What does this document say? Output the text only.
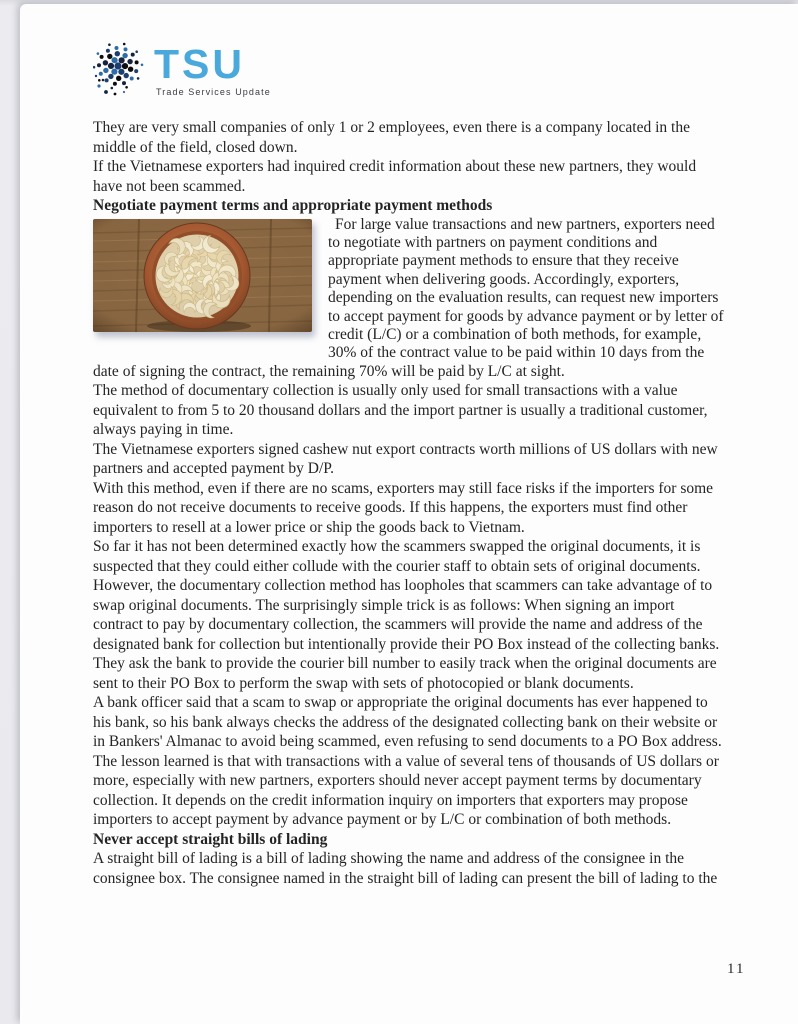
TSU
Trade Services Update

They are very small companies of only 1 or 2 employees, even there is a company located in the middle of the field, closed down.

If the Vietnamese exporters had inquired credit information about these new partners, they would have not been scammed.

Negotiate payment terms and appropriate payment methods

For large value transactions and new partners, exporters need to negotiate with partners on payment conditions and appropriate payment methods to ensure that they receive payment when delivering goods. Accordingly, exporters, depending on the evaluation results, can request new importers to accept payment for goods by advance payment or by letter of credit (L/C) or a combination of both methods, for example, 30% of the contract value to be paid within 10 days from the date of signing the contract, the remaining 70% will be paid by L/C at sight.

The method of documentary collection is usually only used for small transactions with a value equivalent to from 5 to 20 thousand dollars and the import partner is usually a traditional customer, always paying in time.

The Vietnamese exporters signed cashew nut export contracts worth millions of US dollars with new partners and accepted payment by D/P.

With this method, even if there are no scams, exporters may still face risks if the importers for some reason do not receive documents to receive goods. If this happens, the exporters must find other importers to resell at a lower price or ship the goods back to Vietnam.

So far it has not been determined exactly how the scammers swapped the original documents, it is suspected that they could either collude with the courier staff to obtain sets of original documents.

However, the documentary collection method has loopholes that scammers can take advantage of to swap original documents. The surprisingly simple trick is as follows: When signing an import contract to pay by documentary collection, the scammers will provide the name and address of the designated bank for collection but intentionally provide their PO Box instead of the collecting banks. They ask the bank to provide the courier bill number to easily track when the original documents are sent to their PO Box to perform the swap with sets of photocopied or blank documents.

A bank officer said that a scam to swap or appropriate the original documents has ever happened to his bank, so his bank always checks the address of the designated collecting bank on their website or in Bankers' Almanac to avoid being scammed, even refusing to send documents to a PO Box address.

The lesson learned is that with transactions with a value of several tens of thousands of US dollars or more, especially with new partners, exporters should never accept payment terms by documentary collection. It depends on the credit information inquiry on importers that exporters may propose importers to accept payment by advance payment or by L/C or combination of both methods.

Never accept straight bills of lading

A straight bill of lading is a bill of lading showing the name and address of the consignee in the consignee box. The consignee named in the straight bill of lading can present the bill of lading to the

11
